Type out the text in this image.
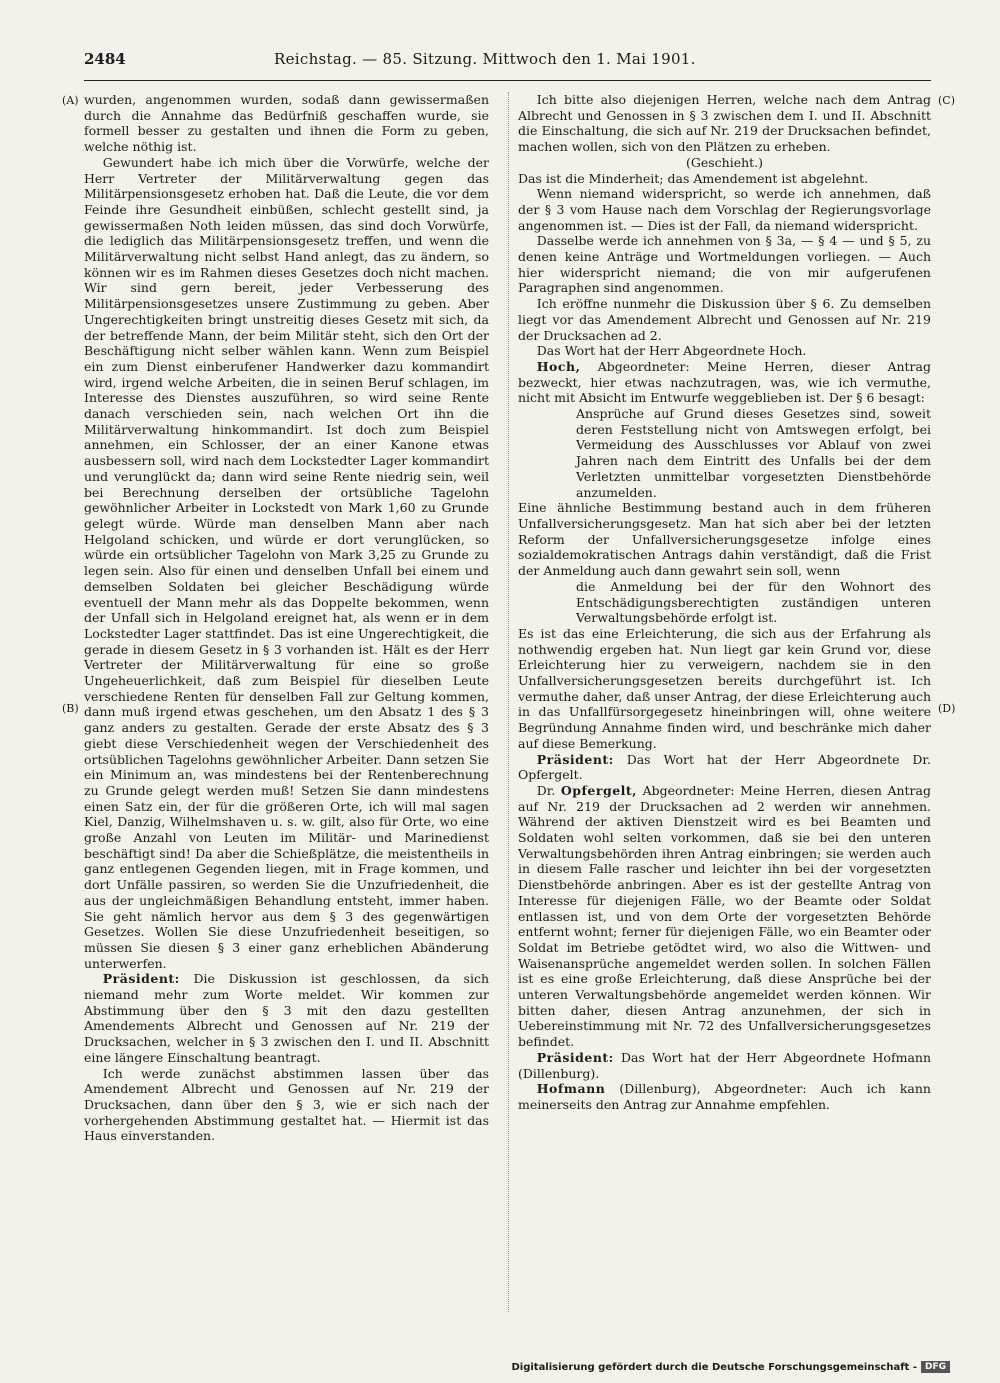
2484	Reichstag. — 85. Sitzung. Mittwoch den 1. Mai 1901.
(A)
(B)
(C)
(D)

wurden, angenommen wurden, sodaß dann gewissermaßen durch die Annahme das Bedürfniß geschaffen wurde, sie formell besser zu gestalten und ihnen die Form zu geben, welche nöthig ist.

Gewundert habe ich mich über die Vorwürfe, welche der Herr Vertreter der Militärverwaltung gegen das Militärpensionsgesetz erhoben hat. Daß die Leute, die vor dem Feinde ihre Gesundheit einbüßen, schlecht gestellt sind, ja gewissermaßen Noth leiden müssen, das sind doch Vorwürfe, die lediglich das Militärpensionsgesetz treffen, und wenn die Militärverwaltung nicht selbst Hand anlegt, das zu ändern, so können wir es im Rahmen dieses Gesetzes doch nicht machen. Wir sind gern bereit, jeder Verbesserung des Militärpensionsgesetzes unsere Zustimmung zu geben. Aber Ungerechtigkeiten bringt unstreitig dieses Gesetz mit sich, da der betreffende Mann, der beim Militär steht, sich den Ort der Beschäftigung nicht selber wählen kann. Wenn zum Beispiel ein zum Dienst einberufener Handwerker dazu kommandirt wird, irgend welche Arbeiten, die in seinen Beruf schlagen, im Interesse des Dienstes auszuführen, so wird seine Rente danach verschieden sein, nach welchen Ort ihn die Militärverwaltung hinkommandirt. Ist doch zum Beispiel annehmen, ein Schlosser, der an einer Kanone etwas ausbessern soll, wird nach dem Lockstedter Lager kommandirt und verunglückt da; dann wird seine Rente niedrig sein, weil bei Berechnung derselben der ortsübliche Tagelohn gewöhnlicher Arbeiter in Lockstedt von Mark 1,60 zu Grunde gelegt würde. Würde man denselben Mann aber nach Helgoland schicken, und würde er dort verunglücken, so würde ein ortsüblicher Tagelohn von Mark 3,25 zu Grunde zu legen sein. Also für einen und denselben Unfall bei einem und demselben Soldaten bei gleicher Beschädigung würde eventuell der Mann mehr als das Doppelte bekommen, wenn der Unfall sich in Helgoland ereignet hat, als wenn er in dem Lockstedter Lager stattfindet. Das ist eine Ungerechtigkeit, die gerade in diesem Gesetz in § 3 vorhanden ist. Hält es der Herr Vertreter der Militärverwaltung für eine so große Ungeheuerlichkeit, daß zum Beispiel für dieselben Leute verschiedene Renten für denselben Fall zur Geltung kommen, dann muß irgend etwas geschehen, um den Absatz 1 des § 3 ganz anders zu gestalten. Gerade der erste Absatz des § 3 giebt diese Verschiedenheit wegen der Verschiedenheit des ortsüblichen Tagelohns gewöhnlicher Arbeiter. Dann setzen Sie ein Minimum an, was mindestens bei der Rentenberechnung zu Grunde gelegt werden muß! Setzen Sie dann mindestens einen Satz ein, der für die größeren Orte, ich will mal sagen Kiel, Danzig, Wilhelmshaven u. s. w. gilt, also für Orte, wo eine große Anzahl von Leuten im Militär- und Marinedienst beschäftigt sind! Da aber die Schießplätze, die meistentheils in ganz entlegenen Gegenden liegen, mit in Frage kommen, und dort Unfälle passiren, so werden Sie die Unzufriedenheit, die aus der ungleichmäßigen Behandlung entsteht, immer haben. Sie geht nämlich hervor aus dem § 3 des gegenwärtigen Gesetzes. Wollen Sie diese Unzufriedenheit beseitigen, so müssen Sie diesen § 3 einer ganz erheblichen Abänderung unterwerfen.

Präsident: Die Diskussion ist geschlossen, da sich niemand mehr zum Worte meldet. Wir kommen zur Abstimmung über den § 3 mit den dazu gestellten Amendements Albrecht und Genossen auf Nr. 219 der Drucksachen, welcher in § 3 zwischen den I. und II. Abschnitt eine längere Einschaltung beantragt.

Ich werde zunächst abstimmen lassen über das Amendement Albrecht und Genossen auf Nr. 219 der Drucksachen, dann über den § 3, wie er sich nach der vorhergehenden Abstimmung gestaltet hat. — Hiermit ist das Haus einverstanden.

Ich bitte also diejenigen Herren, welche nach dem Antrag Albrecht und Genossen in § 3 zwischen dem I. und II. Abschnitt die Einschaltung, die sich auf Nr. 219 der Drucksachen befindet, machen wollen, sich von den Plätzen zu erheben.

(Geschieht.)

Das ist die Minderheit; das Amendement ist abgelehnt.

Wenn niemand widerspricht, so werde ich annehmen, daß der § 3 vom Hause nach dem Vorschlag der Regierungsvorlage angenommen ist. — Dies ist der Fall, da niemand widerspricht.

Dasselbe werde ich annehmen von § 3a, — § 4 — und § 5, zu denen keine Anträge und Wortmeldungen vorliegen. — Auch hier widerspricht niemand; die von mir aufgerufenen Paragraphen sind angenommen.

Ich eröffne nunmehr die Diskussion über § 6. Zu demselben liegt vor das Amendement Albrecht und Genossen auf Nr. 219 der Drucksachen ad 2.

Das Wort hat der Herr Abgeordnete Hoch.

Hoch, Abgeordneter: Meine Herren, dieser Antrag bezweckt, hier etwas nachzutragen, was, wie ich vermuthe, nicht mit Absicht im Entwurfe weggeblieben ist. Der § 6 besagt:

Ansprüche auf Grund dieses Gesetzes sind, soweit deren Feststellung nicht von Amtswegen erfolgt, bei Vermeidung des Ausschlusses vor Ablauf von zwei Jahren nach dem Eintritt des Unfalls bei der dem Verletzten unmittelbar vorgesetzten Dienstbehörde anzumelden.

Eine ähnliche Bestimmung bestand auch in dem früheren Unfallversicherungsgesetz. Man hat sich aber bei der letzten Reform der Unfallversicherungsgesetze infolge eines sozialdemokratischen Antrags dahin verständigt, daß die Frist der Anmeldung auch dann gewahrt sein soll, wenn

die Anmeldung bei der für den Wohnort des Entschädigungsberechtigten zuständigen unteren Verwaltungsbehörde erfolgt ist.

Es ist das eine Erleichterung, die sich aus der Erfahrung als nothwendig ergeben hat. Nun liegt gar kein Grund vor, diese Erleichterung hier zu verweigern, nachdem sie in den Unfallversicherungsgesetzen bereits durchgeführt ist. Ich vermuthe daher, daß unser Antrag, der diese Erleichterung auch in das Unfallfürsorgegesetz hineinbringen will, ohne weitere Begründung Annahme finden wird, und beschränke mich daher auf diese Bemerkung.

Präsident: Das Wort hat der Herr Abgeordnete Dr. Opfergelt.

Dr. Opfergelt, Abgeordneter: Meine Herren, diesen Antrag auf Nr. 219 der Drucksachen ad 2 werden wir annehmen. Während der aktiven Dienstzeit wird es bei Beamten und Soldaten wohl selten vorkommen, daß sie bei den unteren Verwaltungsbehörden ihren Antrag einbringen; sie werden auch in diesem Falle rascher und leichter ihn bei der vorgesetzten Dienstbehörde anbringen. Aber es ist der gestellte Antrag von Interesse für diejenigen Fälle, wo der Beamte oder Soldat entlassen ist, und von dem Orte der vorgesetzten Behörde entfernt wohnt; ferner für diejenigen Fälle, wo ein Beamter oder Soldat im Betriebe getödtet wird, wo also die Wittwen- und Waisenansprüche angemeldet werden sollen. In solchen Fällen ist es eine große Erleichterung, daß diese Ansprüche bei der unteren Verwaltungsbehörde angemeldet werden können. Wir bitten daher, diesen Antrag anzunehmen, der sich in Uebereinstimmung mit Nr. 72 des Unfallversicherungsgesetzes befindet.

Präsident: Das Wort hat der Herr Abgeordnete Hofmann (Dillenburg).

Hofmann (Dillenburg), Abgeordneter: Auch ich kann meinerseits den Antrag zur Annahme empfehlen.

Digitalisierung gefördert durch die Deutsche Forschungsgemeinschaft - DFG
